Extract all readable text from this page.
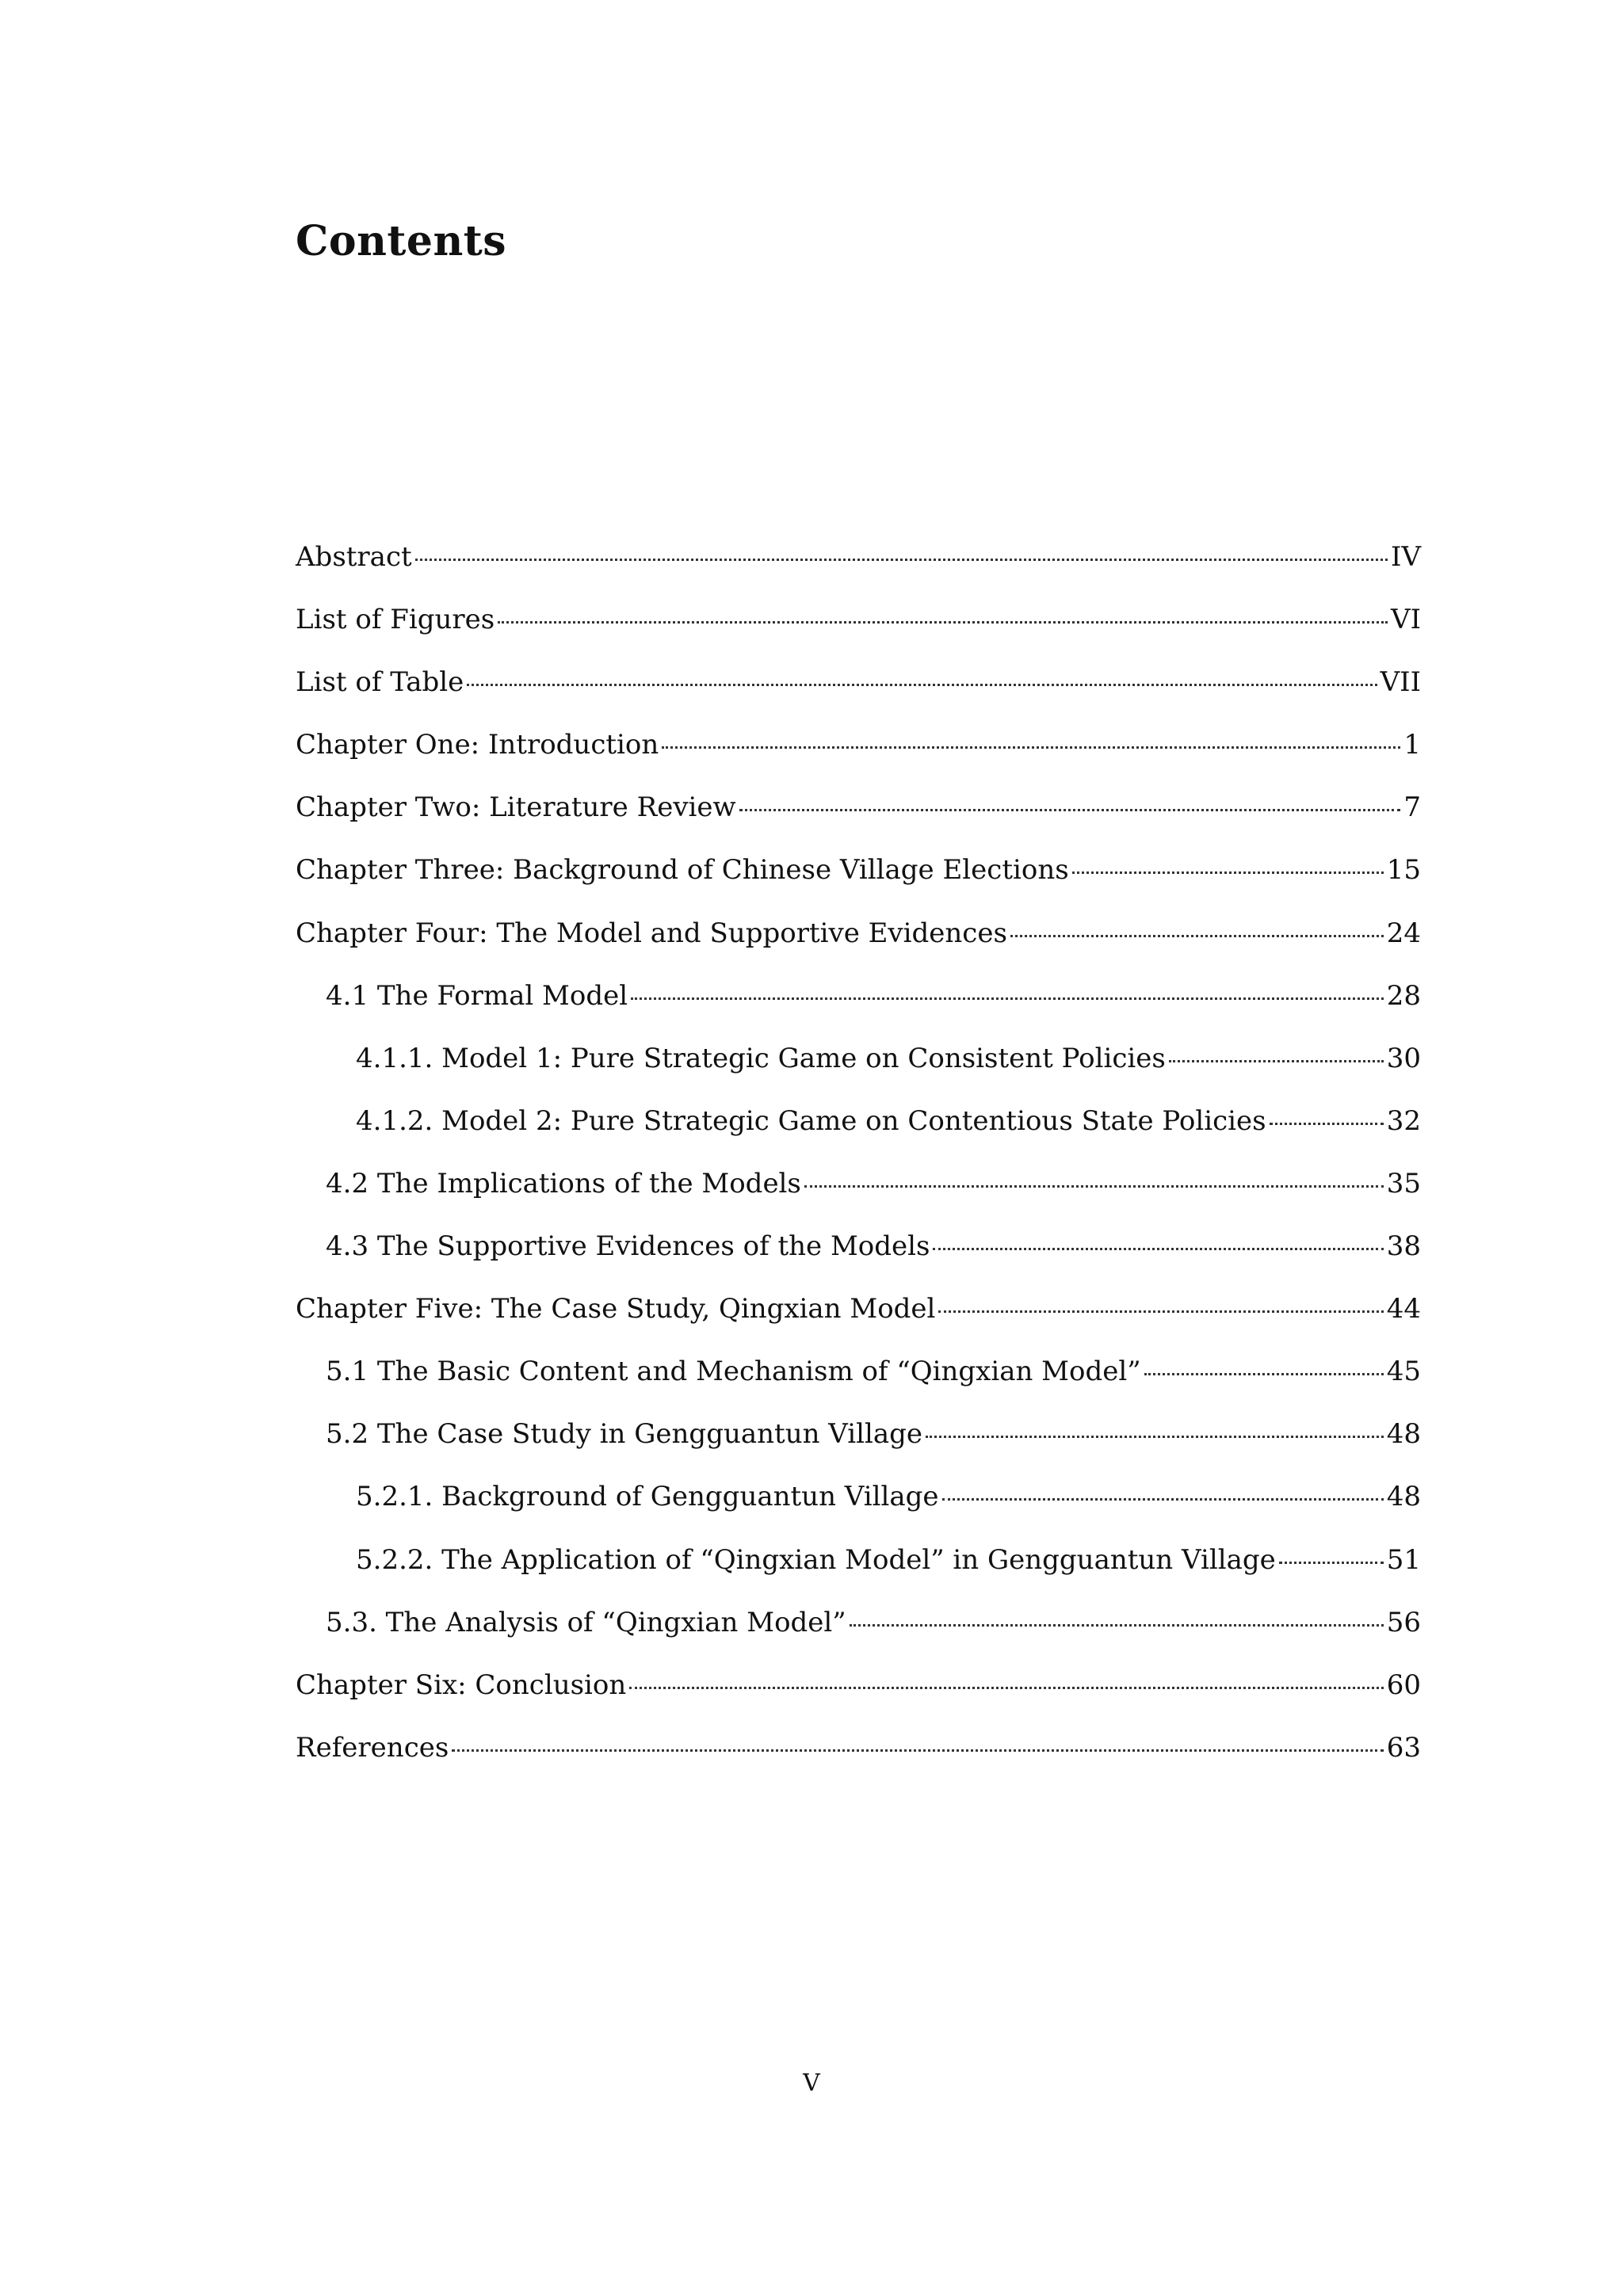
Contents
Abstract	IV
List of Figures	VI
List of Table	VII
Chapter One: Introduction	1
Chapter Two: Literature Review	7
Chapter Three: Background of Chinese Village Elections	15
Chapter Four: The Model and Supportive Evidences	24
4.1 The Formal Model	28
4.1.1. Model 1: Pure Strategic Game on Consistent Policies	30
4.1.2. Model 2: Pure Strategic Game on Contentious State Policies	32
4.2 The Implications of the Models	35
4.3 The Supportive Evidences of the Models	38
Chapter Five: The Case Study, Qingxian Model	44
5.1 The Basic Content and Mechanism of “Qingxian Model”	45
5.2 The Case Study in Gengguantun Village	48
5.2.1. Background of Gengguantun Village	48
5.2.2. The Application of “Qingxian Model” in Gengguantun Village	51
5.3. The Analysis of “Qingxian Model”	56
Chapter Six: Conclusion	60
References	63
V
